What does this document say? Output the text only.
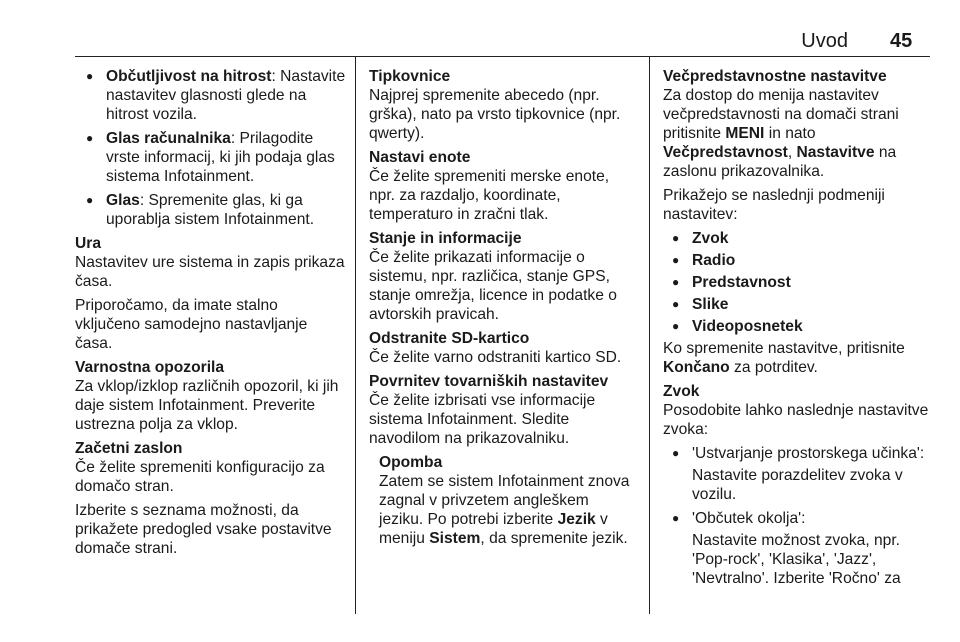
Uvod 45
● Občutljivost na hitrost: Nastavite nastavitev glasnosti glede na hitrost vozila.
● Glas računalnika: Prilagodite vrste informacij, ki jih podaja glas sistema Infotainment.
● Glas: Spremenite glas, ki ga uporablja sistem Infotainment.
Ura
Nastavitev ure sistema in zapis prikaza časa.
Priporočamo, da imate stalno vključeno samodejno nastavljanje časa.
Varnostna opozorila
Za vklop/izklop različnih opozoril, ki jih daje sistem Infotainment. Preverite ustrezna polja za vklop.
Začetni zaslon
Če želite spremeniti konfiguracijo za domačo stran.
Izberite s seznama možnosti, da prikažete predogled vsake postavitve domače strani.
Tipkovnice
Najprej spremenite abecedo (npr. grška), nato pa vrsto tipkovnice (npr. qwerty).
Nastavi enote
Če želite spremeniti merske enote, npr. za razdaljo, koordinate, temperaturo in zračni tlak.
Stanje in informacije
Če želite prikazati informacije o sistemu, npr. različica, stanje GPS, stanje omrežja, licence in podatke o avtorskih pravicah.
Odstranite SD-kartico
Če želite varno odstraniti kartico SD.
Povrnitev tovarniških nastavitev
Če želite izbrisati vse informacije sistema Infotainment. Sledite navodilom na prikazovalniku.
Opomba
Zatem se sistem Infotainment znova zagnal v privzetem angleškem jeziku. Po potrebi izberite Jezik v meniju Sistem, da spremenite jezik.
Večpredstavnostne nastavitve
Za dostop do menija nastavitev večpredstavnosti na domači strani pritisnite MENI in nato Večpredstavnost, Nastavitve na zaslonu prikazovalnika.
Prikažejo se naslednji podmeniji nastavitev:
● Zvok
● Radio
● Predstavnost
● Slike
● Videoposnetek
Ko spremenite nastavitve, pritisnite Končano za potrditev.
Zvok
Posodobite lahko naslednje nastavitve zvoka:
● 'Ustvarjanje prostorskega učinka':
Nastavite porazdelitev zvoka v vozilu.
● 'Občutek okolja':
Nastavite možnost zvoka, npr. 'Pop-rock', 'Klasika', 'Jazz', 'Nevtralno'. Izberite 'Ročno' za
